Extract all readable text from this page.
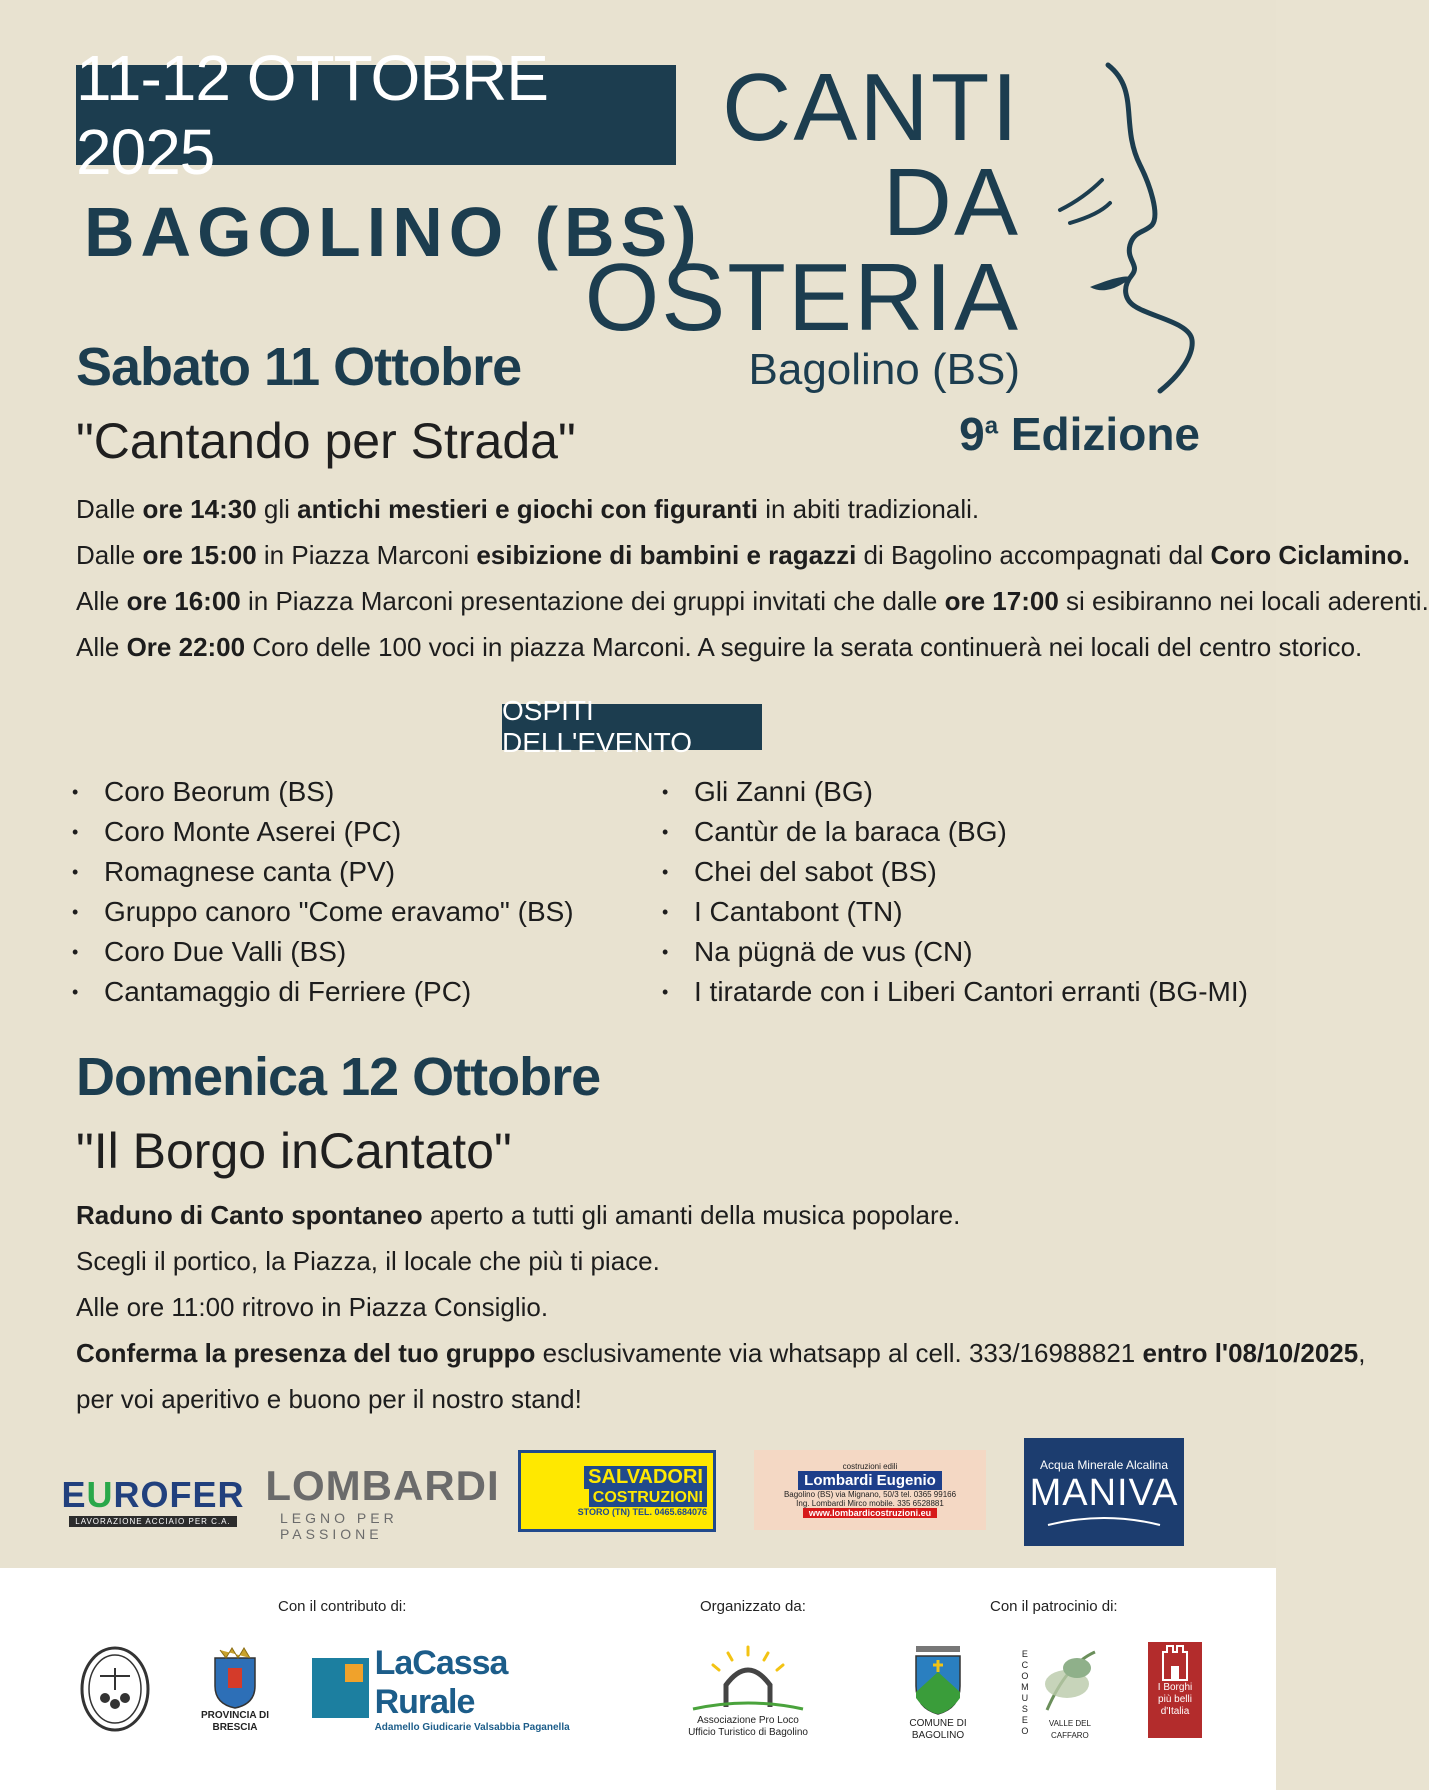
11-12 OTTOBRE 2025
BAGOLINO (BS)
CANTI
DA
OSTERIA
Bagolino (BS)
9$^a$ Edizione
Sabato 11 Ottobre
"Cantando per Strada"
Dalle ore 14:30 gli antichi mestieri e giochi con figuranti in abiti tradizionali.
Dalle ore 15:00 in Piazza Marconi esibizione di bambini e ragazzi di Bagolino accompagnati dal Coro Ciclamino.
Alle ore 16:00 in Piazza Marconi presentazione dei gruppi invitati che dalle ore 17:00 si esibiranno nei locali aderenti.
Alle Ore 22:00 Coro delle 100 voci in piazza Marconi. A seguire la serata continuerà nei locali del centro storico.
OSPITI DELL'EVENTO
• Coro Beorum (BS)
• Coro Monte Aserei (PC)
• Romagnese canta (PV)
• Gruppo canoro "Come eravamo" (BS)
• Coro Due Valli (BS)
• Cantamaggio di Ferriere (PC)
• Gli Zanni (BG)
• Cantùr de la baraca (BG)
• Chei del sabot (BS)
• I Cantabont (TN)
• Na pügnä de vus (CN)
• I tiratarde con i Liberi Cantori erranti (BG-MI)
Domenica 12 Ottobre
"Il Borgo inCantato"
Raduno di Canto spontaneo aperto a tutti gli amanti della musica popolare.
Scegli il portico, la Piazza, il locale che più ti piace.
Alle ore 11:00 ritrovo in Piazza Consiglio.
Conferma la presenza del tuo gruppo esclusivamente via whatsapp al cell. 333/16988821 entro l'08/10/2025,
per voi aperitivo e buono per il nostro stand!
EUROFER
LAVORAZIONE ACCIAIO PER C.A.
LOMBARDI
LEGNO PER PASSIONE
SALVADORI
COSTRUZIONI
STORO (TN) TEL. 0465.684076
costruzioni edili
Lombardi Eugenio
Bagolino (BS) via Mignano, 50/3 tel. 0365 99166
Ing. Lombardi Mirco mobile. 335 6528881
www.lombardicostruzioni.eu
Acqua Minerale Alcalina
MANIVA
Con il contributo di:	Organizzato da:	Con il patrocinio di:
PROVINCIA DI BRESCIA
LaCassa Rurale
Adamello Giudicarie Valsabbia Paganella
Associazione Pro Loco
Ufficio Turistico di Bagolino
COMUNE DI BAGOLINO
ECOMUSEO
VALLE DEL CAFFARO
I Borghi più belli d'Italia
